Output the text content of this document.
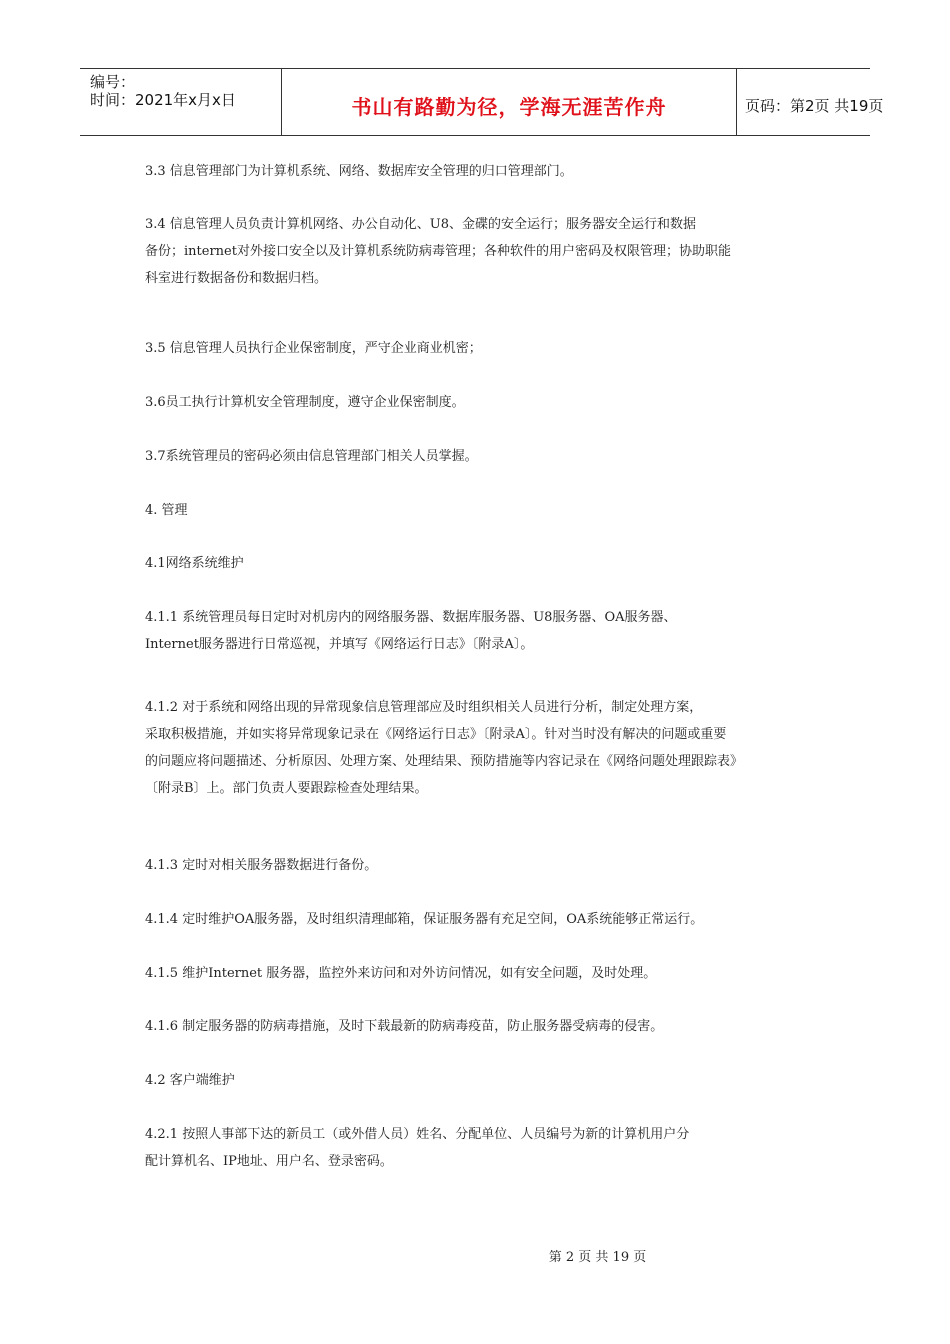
编号：
时间：2021年x月x日	书山有路勤为径，学海无涯苦作舟	页码：第2页 共19页

3.3 信息管理部门为计算机系统、网络、数据库安全管理的归口管理部门。

3.4 信息管理人员负责计算机网络、办公自动化、U8、金碟的安全运行；服务器安全运行和数据
备份；internet对外接口安全以及计算机系统防病毒管理；各种软件的用户密码及权限管理；协助职能
科室进行数据备份和数据归档。

3.5 信息管理人员执行企业保密制度，严守企业商业机密；

3.6员工执行计算机安全管理制度，遵守企业保密制度。

3.7系统管理员的密码必须由信息管理部门相关人员掌握。

4. 管理

4.1网络系统维护

4.1.1 系统管理员每日定时对机房内的网络服务器、数据库服务器、U8服务器、OA服务器、
Internet服务器进行日常巡视，并填写《网络运行日志》〔附录A〕。

4.1.2 对于系统和网络出现的异常现象信息管理部应及时组织相关人员进行分析，制定处理方案，
采取积极措施，并如实将异常现象记录在《网络运行日志》〔附录A〕。针对当时没有解决的问题或重要
的问题应将问题描述、分析原因、处理方案、处理结果、预防措施等内容记录在《网络问题处理跟踪表》
〔附录B〕上。部门负责人要跟踪检查处理结果。

4.1.3 定时对相关服务器数据进行备份。

4.1.4 定时维护OA服务器，及时组织清理邮箱，保证服务器有充足空间，OA系统能够正常运行。

4.1.5 维护Internet 服务器，监控外来访问和对外访问情况，如有安全问题，及时处理。

4.1.6 制定服务器的防病毒措施，及时下载最新的防病毒疫苗，防止服务器受病毒的侵害。

4.2 客户端维护

4.2.1 按照人事部下达的新员工（或外借人员）姓名、分配单位、人员编号为新的计算机用户分
配计算机名、IP地址、用户名、登录密码。

第 2 页 共 19 页
